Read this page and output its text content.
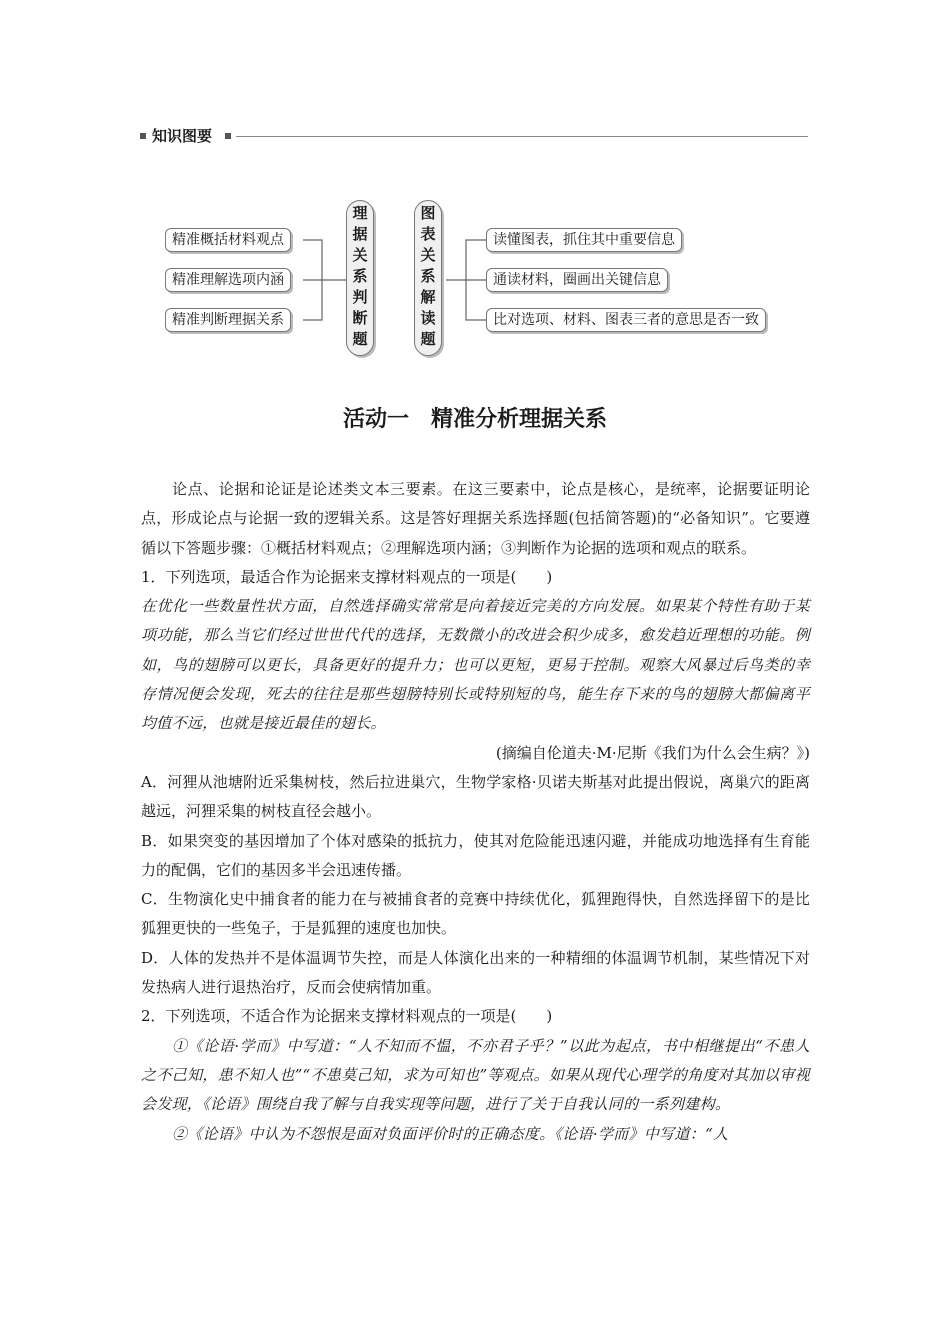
知识图要
精准概括材料观点
精准理解选项内涵
精准判断理据关系
理
据
关
系
判
断
题
图
表
关
系
解
读
题
读懂图表，抓住其中重要信息
通读材料，圈画出关键信息
比对选项、材料、图表三者的意思是否一致
活动一　精准分析理据关系

论点、论据和论证是论述类文本三要素。在这三要素中，论点是核心，是统率，论据要证明论点，形成论点与论据一致的逻辑关系。这是答好理据关系选择题(包括简答题)的“必备知识”。它要遵循以下答题步骤：①概括材料观点；②理解选项内涵；③判断作为论据的选项和观点的联系。

1．下列选项，最适合作为论据来支撑材料观点的一项是(　　)

在优化一些数量性状方面，自然选择确实常常是向着接近完美的方向发展。如果某个特性有助于某项功能，那么当它们经过世世代代的选择，无数微小的改进会积少成多，愈发趋近理想的功能。例如，鸟的翅膀可以更长，具备更好的提升力；也可以更短，更易于控制。观察大风暴过后鸟类的幸存情况便会发现，死去的往往是那些翅膀特别长或特别短的鸟，能生存下来的鸟的翅膀大都偏离平均值不远，也就是接近最佳的翅长。

(摘编自伦道夫·M·尼斯《我们为什么会生病？》)

A．河狸从池塘附近采集树枝，然后拉进巢穴，生物学家格·贝诺夫斯基对此提出假说，离巢穴的距离越远，河狸采集的树枝直径会越小。

B．如果突变的基因增加了个体对感染的抵抗力，使其对危险能迅速闪避，并能成功地选择有生育能力的配偶，它们的基因多半会迅速传播。

C．生物演化史中捕食者的能力在与被捕食者的竞赛中持续优化，狐狸跑得快，自然选择留下的是比狐狸更快的一些兔子，于是狐狸的速度也加快。

D．人体的发热并不是体温调节失控，而是人体演化出来的一种精细的体温调节机制，某些情况下对发热病人进行退热治疗，反而会使病情加重。

2．下列选项，不适合作为论据来支撑材料观点的一项是(　　)

①《论语·学而》中写道：“人不知而不愠，不亦君子乎？”以此为起点，书中相继提出“不患人之不己知，患不知人也”“不患莫己知，求为可知也”等观点。如果从现代心理学的角度对其加以审视会发现，《论语》围绕自我了解与自我实现等问题，进行了关于自我认同的一系列建构。

②《论语》中认为不怨恨是面对负面评价时的正确态度。《论语·学而》中写道：“人
